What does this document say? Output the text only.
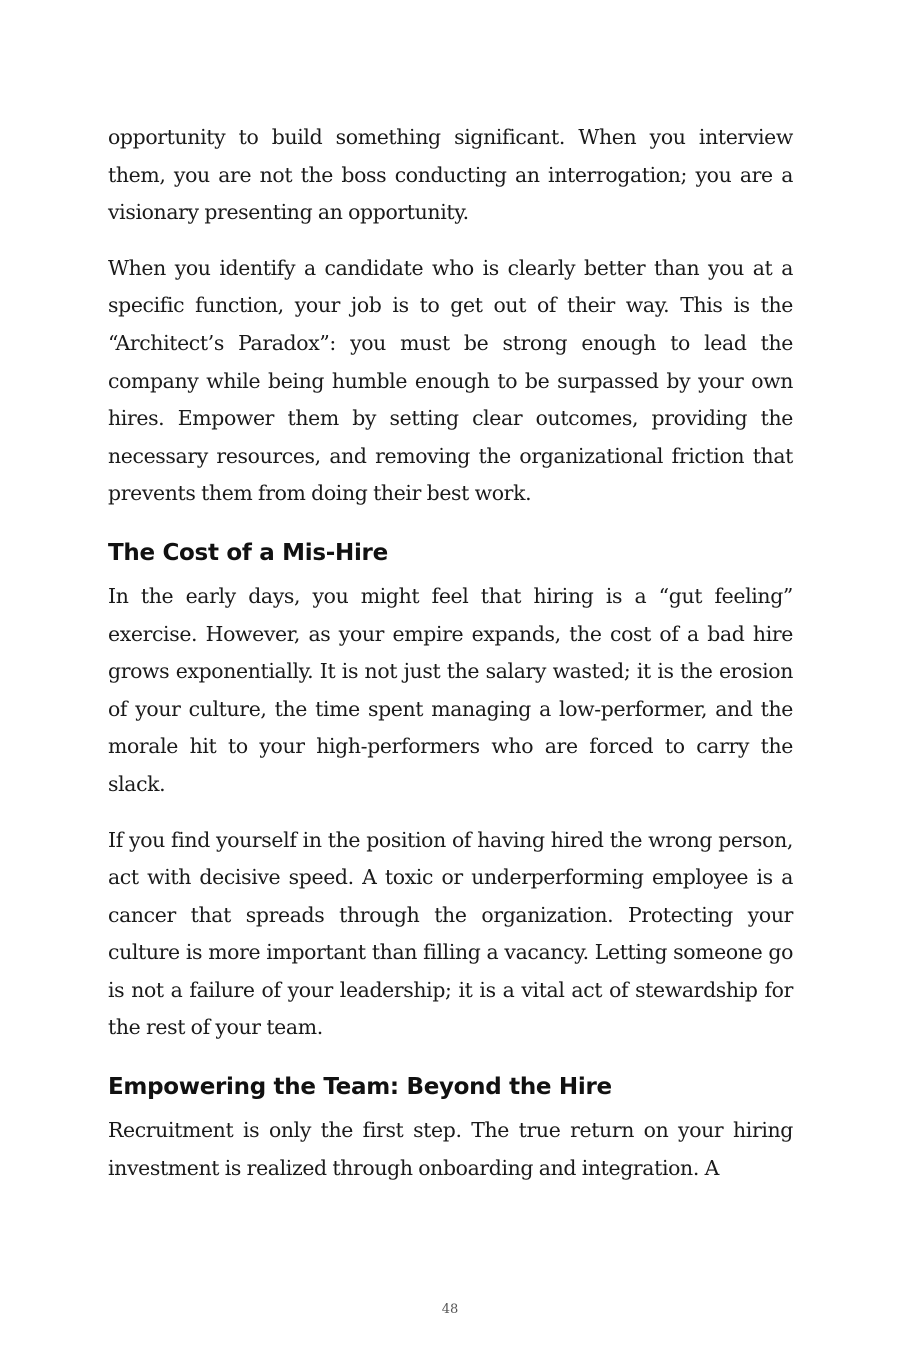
opportunity to build something significant. When you interview them, you are not the boss conducting an interrogation; you are a visionary presenting an opportunity.

When you identify a candidate who is clearly better than you at a specific function, your job is to get out of their way. This is the “Architect’s Paradox”: you must be strong enough to lead the company while being humble enough to be surpassed by your own hires. Empower them by setting clear outcomes, providing the necessary resources, and removing the organizational friction that prevents them from doing their best work.

The Cost of a Mis-Hire

In the early days, you might feel that hiring is a “gut feeling” exercise. However, as your empire expands, the cost of a bad hire grows exponentially. It is not just the salary wasted; it is the erosion of your culture, the time spent managing a low-performer, and the morale hit to your high-performers who are forced to carry the slack.

If you find yourself in the position of having hired the wrong person, act with decisive speed. A toxic or underperforming employee is a cancer that spreads through the organization. Protecting your culture is more important than filling a vacancy. Letting someone go is not a failure of your leadership; it is a vital act of stewardship for the rest of your team.

Empowering the Team: Beyond the Hire

Recruitment is only the first step. The true return on your hiring investment is realized through onboarding and integration. A

48
